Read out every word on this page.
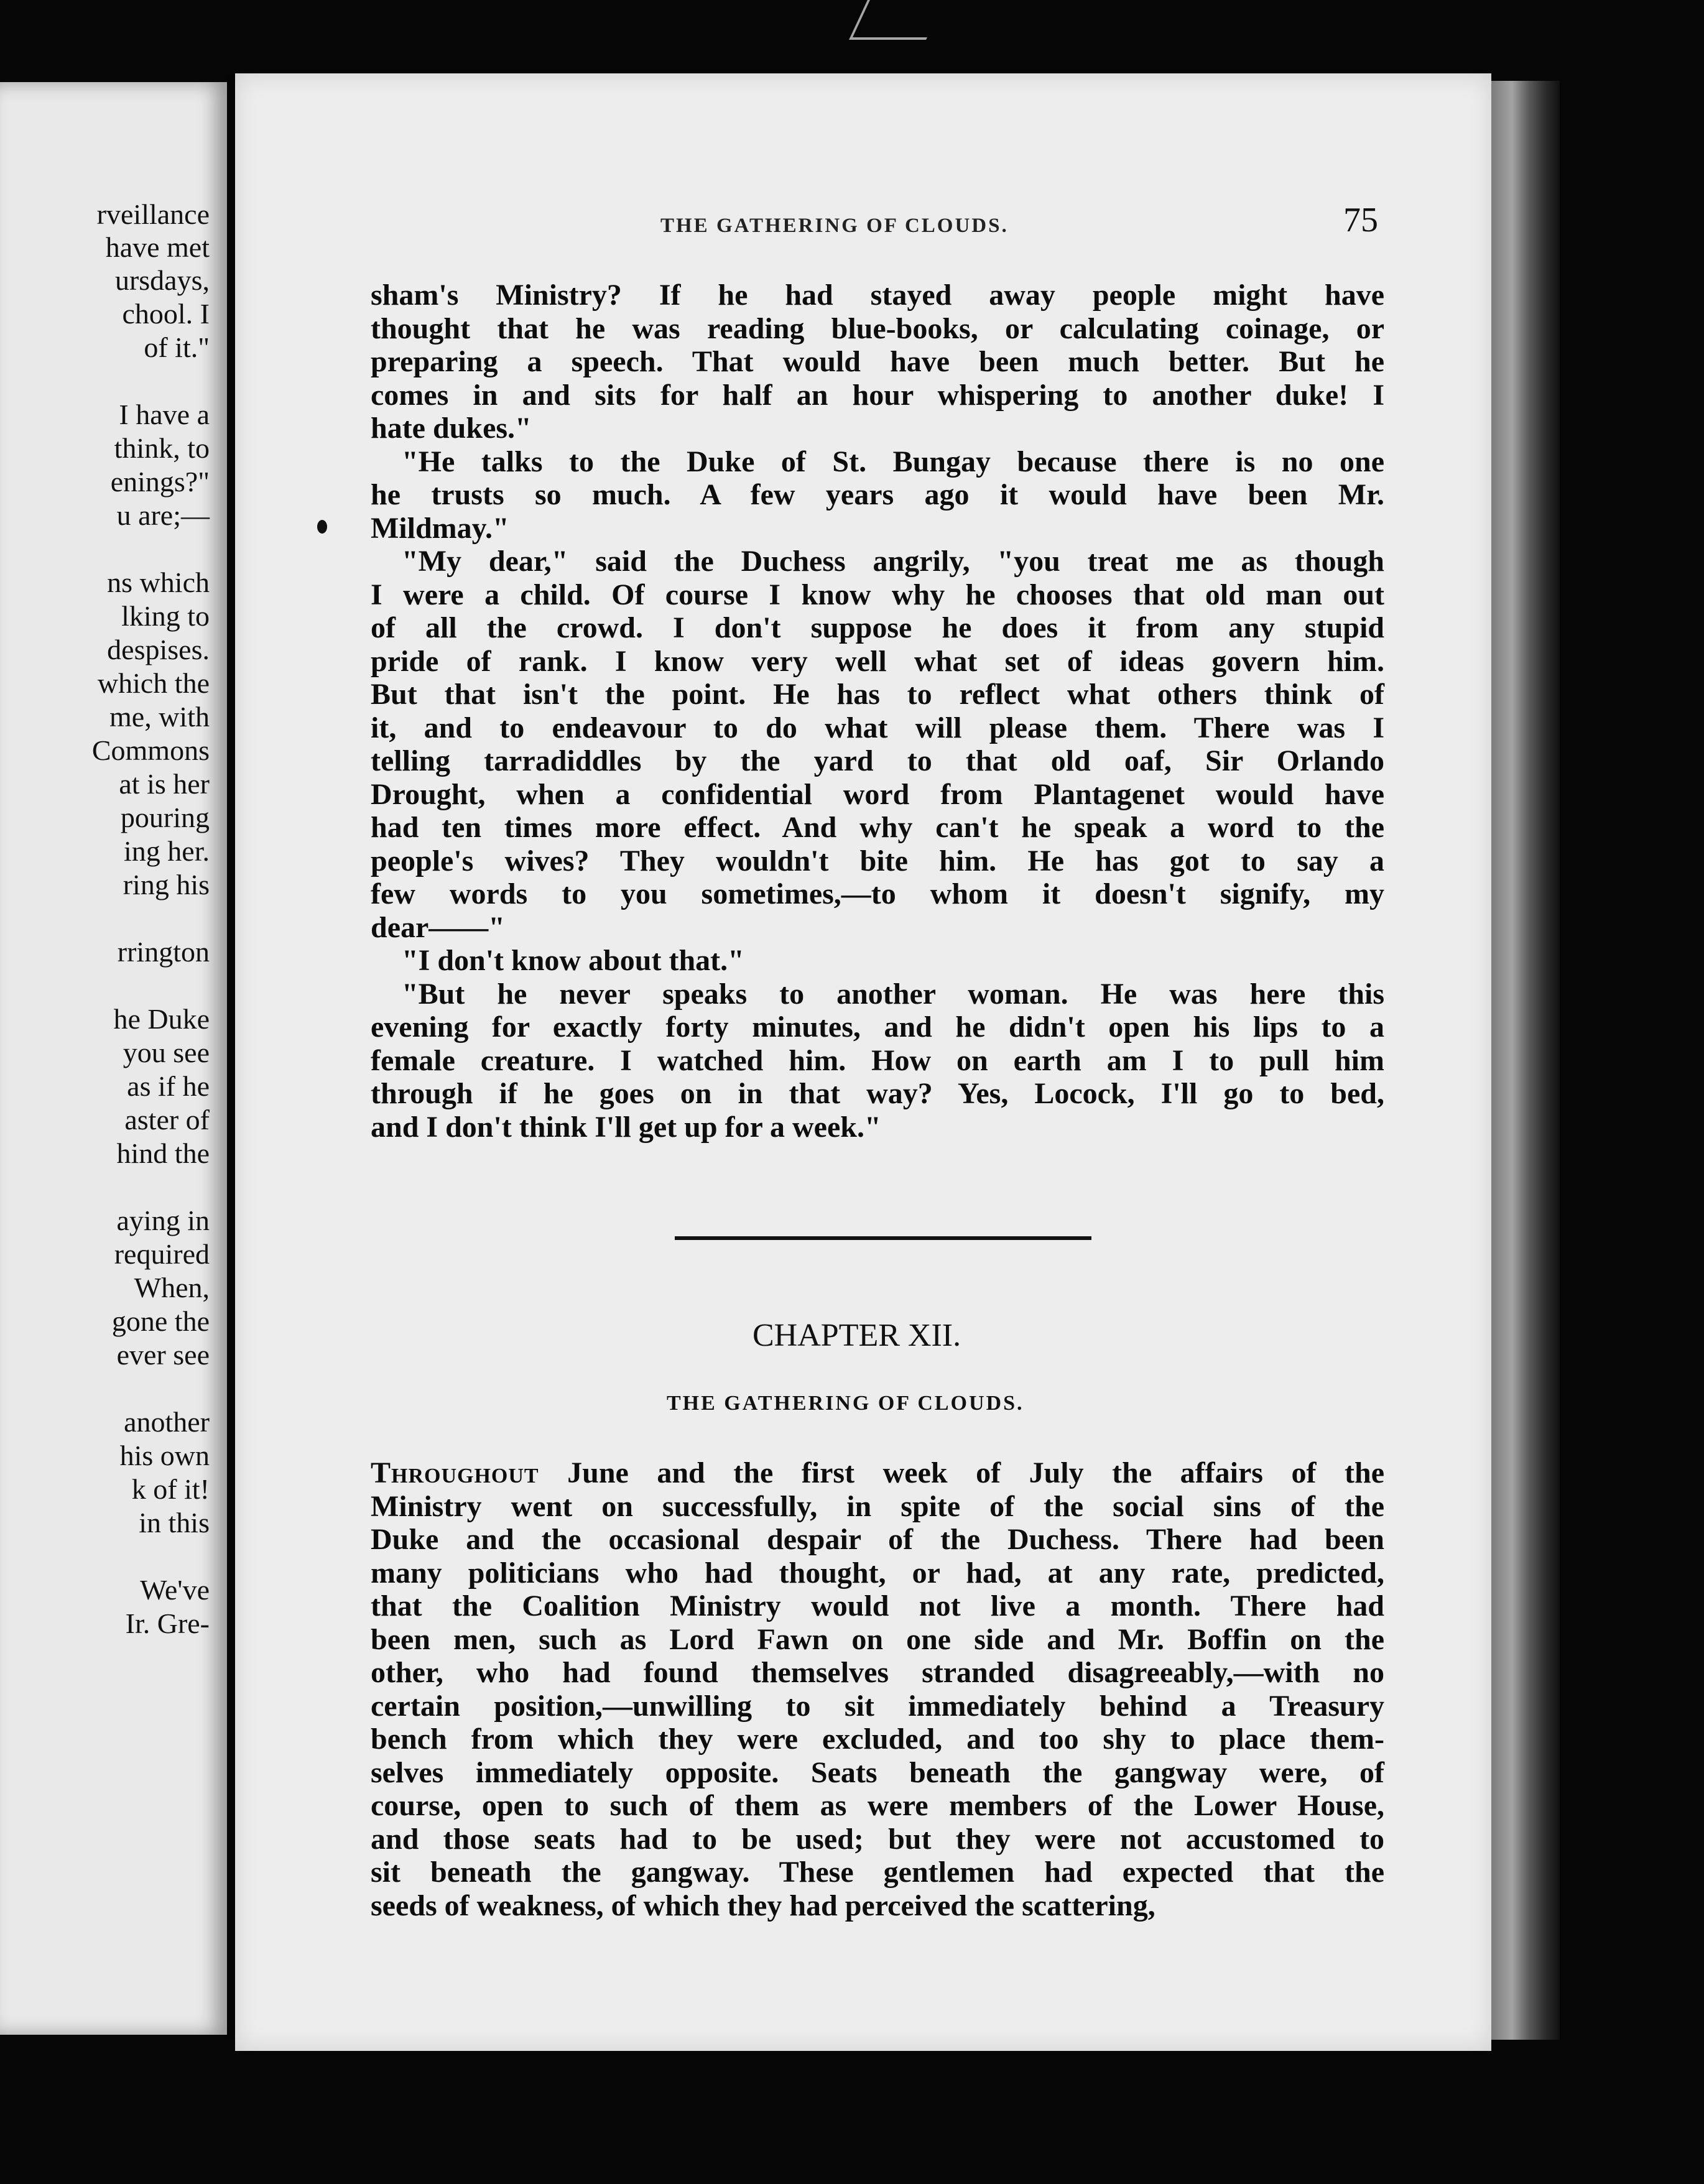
rveillance
have met
ursdays,
chool. I
of it."
I have a
think, to
enings?"
u are;—
ns which
lking to
despises.
which the
me, with
Commons
at is her
pouring
ing her.
ring his
rrington
he Duke
you see
as if he
aster of
hind the
aying in
required
When,
gone the
ever see
another
his own
k of it!
in this
We've
Ir. Gre-
THE GATHERING OF CLOUDS.	75
sham's Ministry? If he had stayed away people might have
thought that he was reading blue-books, or calculating coinage, or
preparing a speech. That would have been much better. But he
comes in and sits for half an hour whispering to another duke! I
hate dukes."
"He talks to the Duke of St. Bungay because there is no one
he trusts so much. A few years ago it would have been Mr.
Mildmay."
"My dear," said the Duchess angrily, "you treat me as though
I were a child. Of course I know why he chooses that old man out
of all the crowd. I don't suppose he does it from any stupid
pride of rank. I know very well what set of ideas govern him.
But that isn't the point. He has to reflect what others think of
it, and to endeavour to do what will please them. There was I
telling tarradiddles by the yard to that old oaf, Sir Orlando
Drought, when a confidential word from Plantagenet would have
had ten times more effect. And why can't he speak a word to the
people's wives? They wouldn't bite him. He has got to say a
few words to you sometimes,—to whom it doesn't signify, my
dear——"
"I don't know about that."
"But he never speaks to another woman. He was here this
evening for exactly forty minutes, and he didn't open his lips to a
female creature. I watched him. How on earth am I to pull him
through if he goes on in that way? Yes, Locock, I'll go to bed,
and I don't think I'll get up for a week."
CHAPTER XII.
THE GATHERING OF CLOUDS.
Throughout June and the first week of July the affairs of the
Ministry went on successfully, in spite of the social sins of the
Duke and the occasional despair of the Duchess. There had been
many politicians who had thought, or had, at any rate, predicted,
that the Coalition Ministry would not live a month. There had
been men, such as Lord Fawn on one side and Mr. Boffin on the
other, who had found themselves stranded disagreeably,—with no
certain position,—unwilling to sit immediately behind a Treasury
bench from which they were excluded, and too shy to place them-
selves immediately opposite. Seats beneath the gangway were, of
course, open to such of them as were members of the Lower House,
and those seats had to be used; but they were not accustomed to
sit beneath the gangway. These gentlemen had expected that the
seeds of weakness, of which they had perceived the scattering,
